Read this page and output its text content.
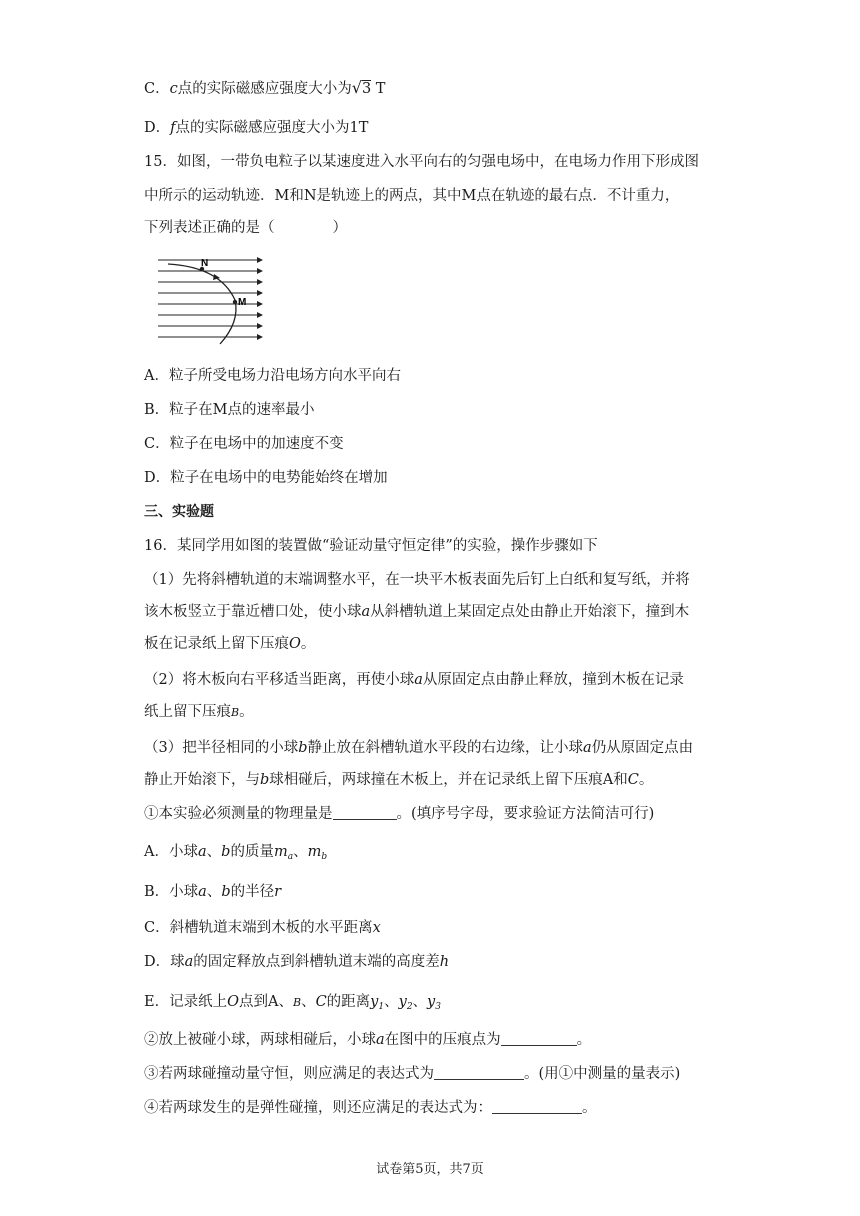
C．c点的实际磁感应强度大小为√3 T
D．f点的实际磁感应强度大小为1T
15．如图，一带负电粒子以某速度进入水平向右的匀强电场中，在电场力作用下形成图
中所示的运动轨迹．M和N是轨迹上的两点，其中M点在轨迹的最右点．不计重力，
下列表述正确的是（　　　　）
N
M
A．粒子所受电场力沿电场方向水平向右
B．粒子在M点的速率最小
C．粒子在电场中的加速度不变
D．粒子在电场中的电势能始终在增加
三、实验题
16．某同学用如图的装置做“验证动量守恒定律”的实验，操作步骤如下
（1）先将斜槽轨道的末端调整水平，在一块平木板表面先后钉上白纸和复写纸，并将
该木板竖立于靠近槽口处，使小球a从斜槽轨道上某固定点处由静止开始滚下，撞到木
板在记录纸上留下压痕O。
（2）将木板向右平移适当距离，再使小球a从原固定点由静止释放，撞到木板在记录
纸上留下压痕B。
（3）把半径相同的小球b静止放在斜槽轨道水平段的右边缘，让小球a仍从原固定点由
静止开始滚下，与b球相碰后，两球撞在木板上，并在记录纸上留下压痕A和C。
①本实验必须测量的物理量是	。(填序号字母，要求验证方法简洁可行)
A．小球a、b的质量$m_a$、$m_b$
B．小球a、b的半径r
C．斜槽轨道末端到木板的水平距离x
D．球a的固定释放点到斜槽轨道末端的高度差h
E．记录纸上O点到A、B、C的距离$y_1$、$y_2$、$y_3$
②放上被碰小球，两球相碰后，小球a在图中的压痕点为	。
③若两球碰撞动量守恒，则应满足的表达式为	。(用①中测量的量表示)
④若两球发生的是弹性碰撞，则还应满足的表达式为：	。
试卷第5页，共7页
